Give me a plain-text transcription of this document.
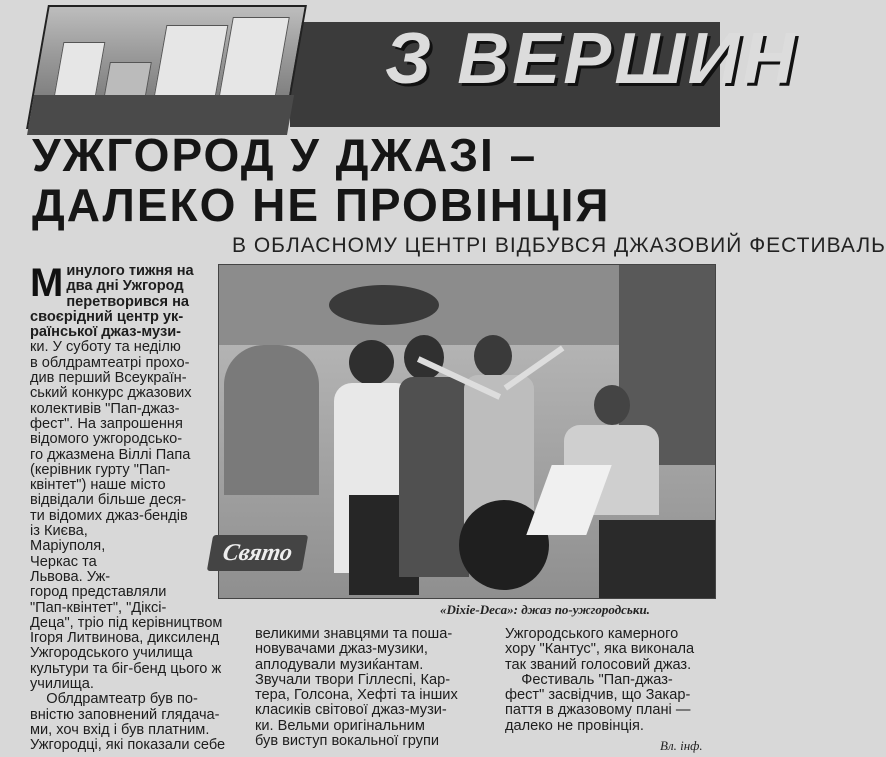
З ВЕРШИН
УЖГОРОД У ДЖАЗІ –
ДАЛЕКО НЕ ПРОВІНЦІЯ
В ОБЛАСНОМУ ЦЕНТРІ ВІДБУВСЯ ДЖАЗОВИЙ ФЕСТИВАЛЬ
Свято
«Dixie-Deca»: джаз по-ужгородськи.
М инулого тижня на
два дні Ужгород
перетворився на
своєрідний центр ук-
раїнської джаз-музи-
ки. У суботу та неділю
в облдрамтеатрі прохо-
див перший Всеукраїн-
ський конкурс джазових
колективів "Пап-джаз-
фест". На запрошення
відомого ужгородсько-
го джазмена Віллі Папа
(керівник гурту "Пап-
квінтет") наше місто
відвідали більше деся-
ти відомих джаз-бендів
із Києва,
Маріуполя,
Черкас та
Львова. Уж-
город представляли
"Пап-квінтет", "Діксі-
Деца", тріо під керівництвом
Ігоря Литвинова, диксиленд
Ужгородського училища
культури та біг-бенд цього ж
училища.
Облдрамтеатр був по-
вністю заповнений глядача-
ми, хоч вхід і був платним.
Ужгородці, які показали себе
великими знавцями та поша-
новувачами джаз-музики,
аплодували музиќантам.
Звучали твори Гіллеспі, Кар-
тера, Голсона, Хефті та інших
класиків світової джаз-музи-
ки. Вельми оригінальним
був виступ вокальної групи
Ужгородського камерного
хору "Кантус", яка виконала
так званий голосовий джаз.
Фестиваль "Пап-джаз-
фест" засвідчив, що Закар-
паття в джазовому плані —
далеко не провінція.
Вл. інф.
